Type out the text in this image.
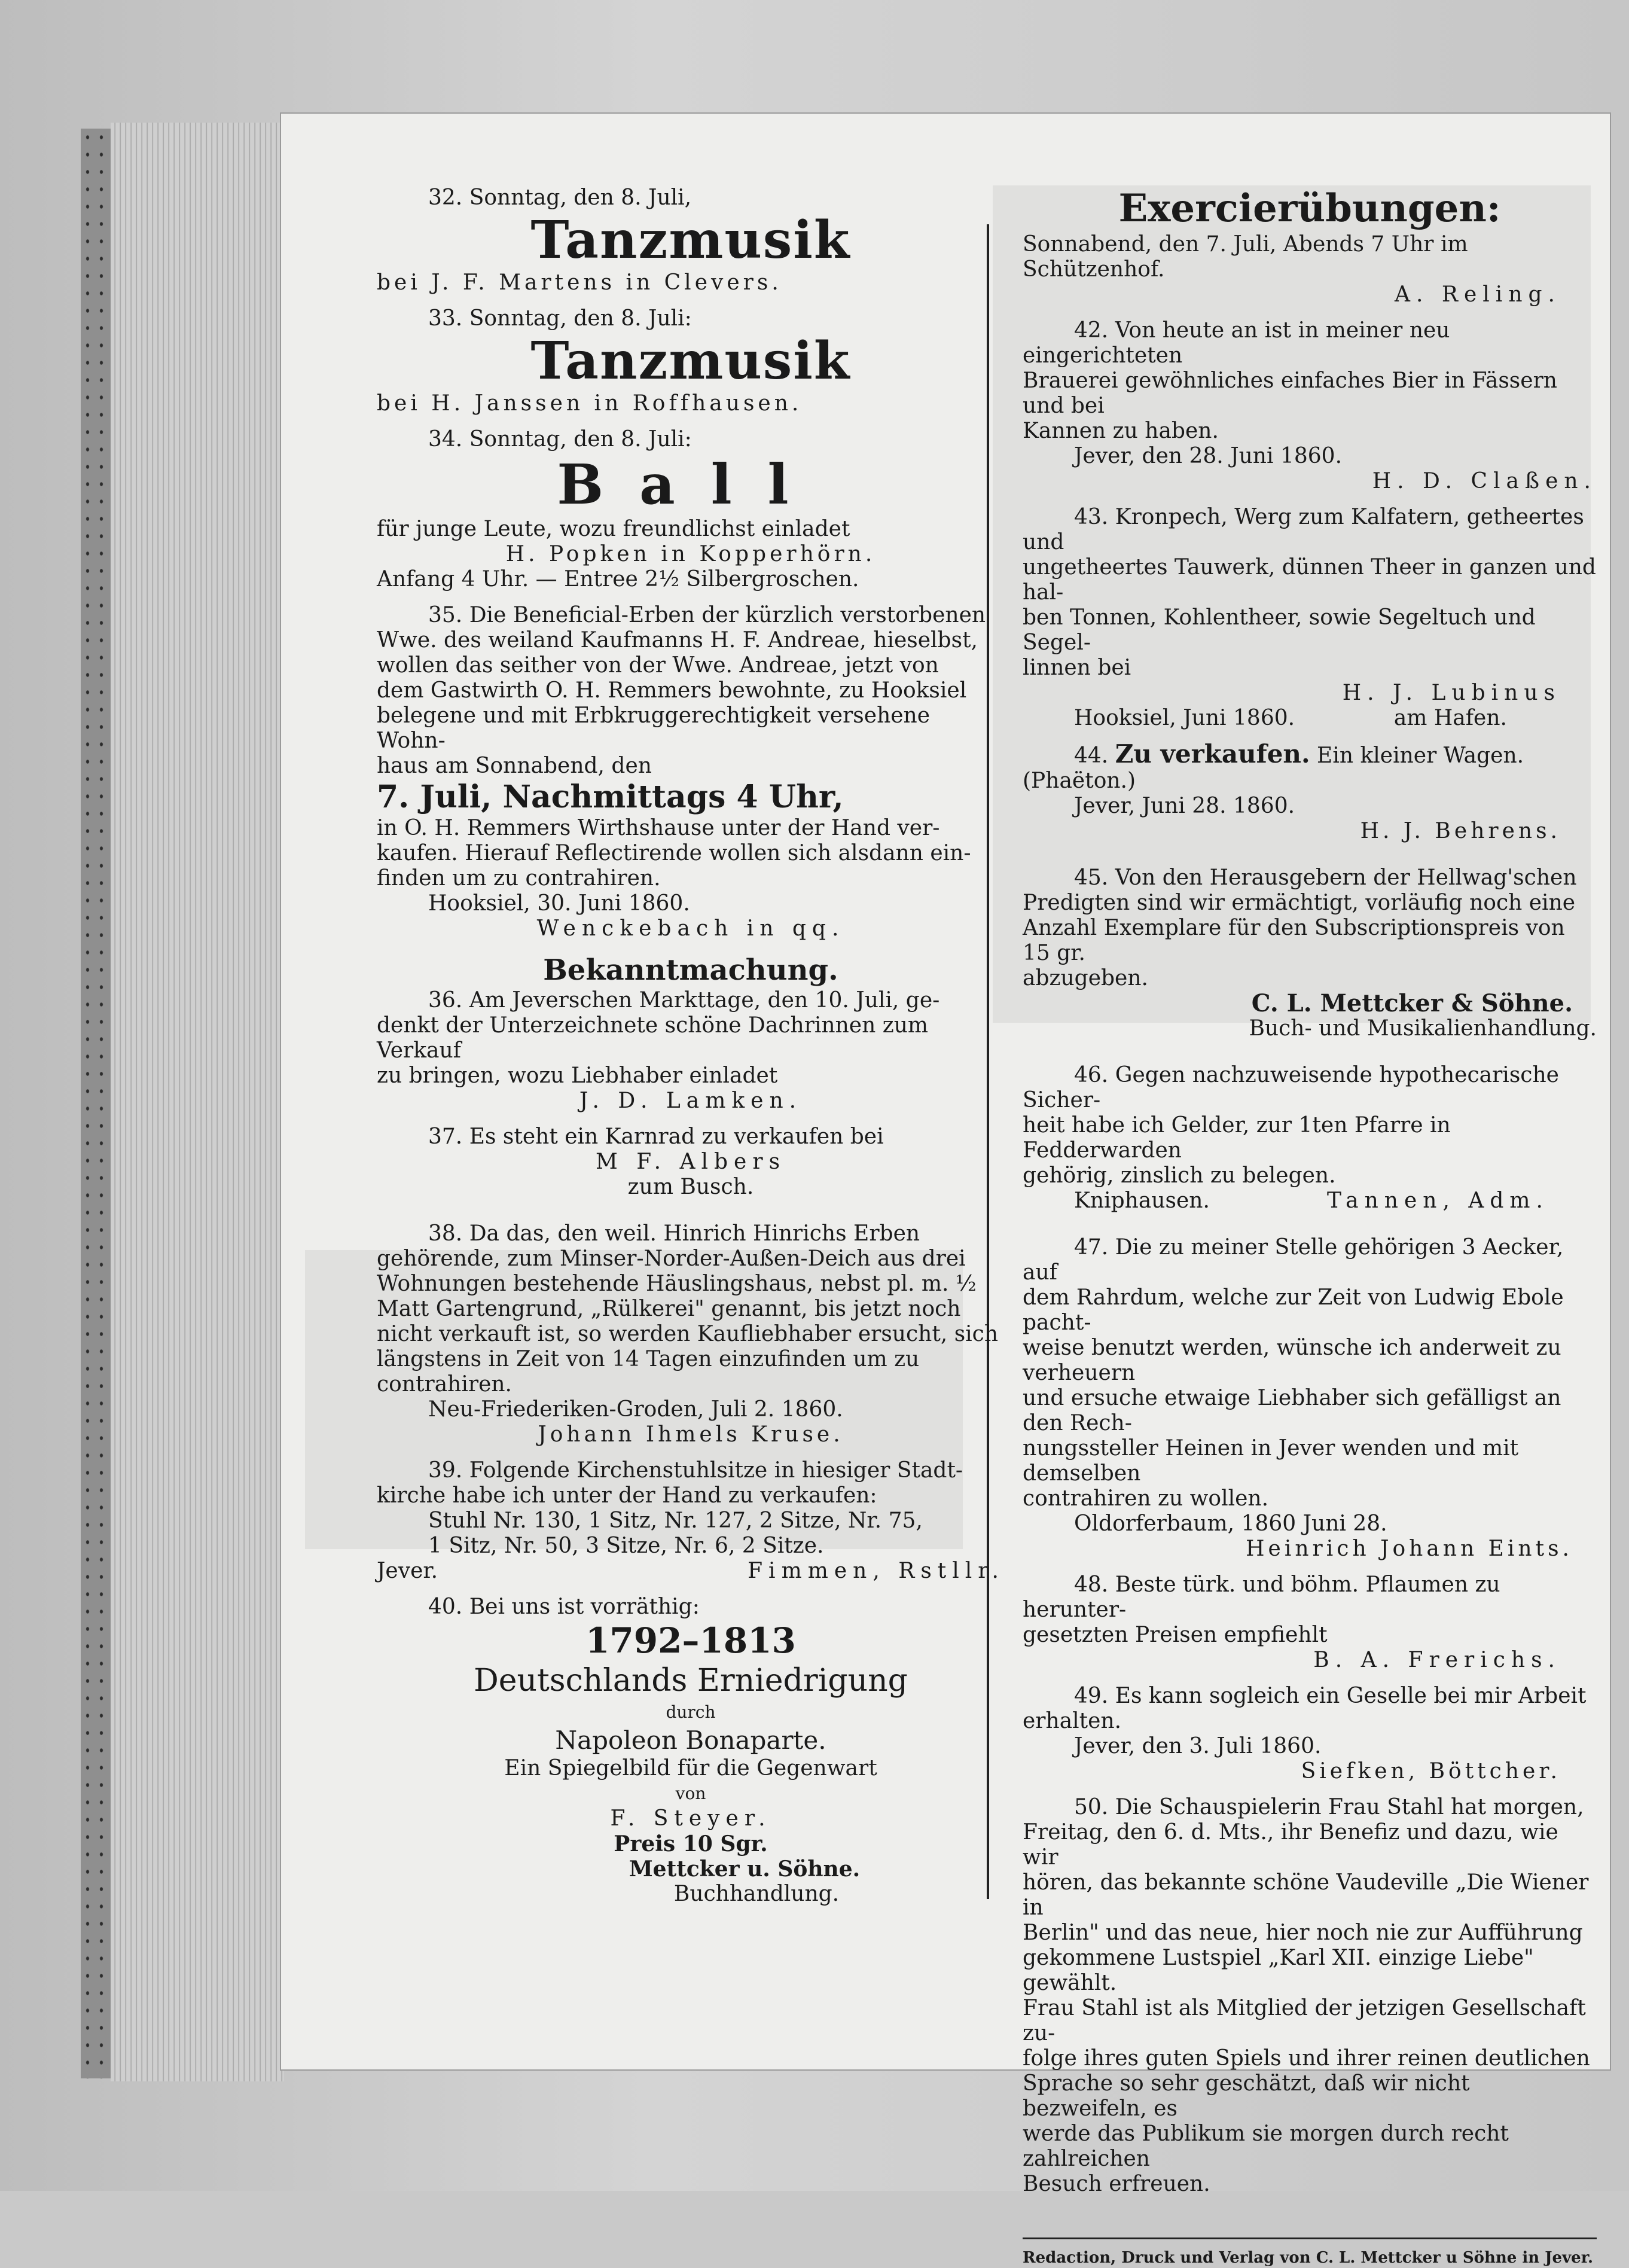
32. Sonntag, den 8. Juli,

Tanzmusik

bei J. F. Martens in Clevers.

33. Sonntag, den 8. Juli:

Tanzmusik

bei H. Janssen in Roffhausen.

34. Sonntag, den 8. Juli:

Ball

für junge Leute, wozu freundlichst einladet

H. Popken in Kopperhörn.

Anfang 4 Uhr. — Entree 2½ Silbergroschen.

35. Die Beneficial-Erben der kürzlich verstorbenen

Wwe. des weiland Kaufmanns H. F. Andreae, hieselbst,

wollen das seither von der Wwe. Andreae, jetzt von

dem Gastwirth O. H. Remmers bewohnte, zu Hooksiel

belegene und mit Erbkruggerechtigkeit versehene Wohn-

haus am Sonnabend, den

7. Juli, Nachmittags 4 Uhr,

in O. H. Remmers Wirthshause unter der Hand ver-

kaufen. Hierauf Reflectirende wollen sich alsdann ein-

finden um zu contrahiren.

Hooksiel, 30. Juni 1860.

Wenckebach in qq.

Bekanntmachung.

36. Am Jeverschen Markttage, den 10. Juli, ge-

denkt der Unterzeichnete schöne Dachrinnen zum Verkauf

zu bringen, wozu Liebhaber einladet

J. D. Lamken.

37. Es steht ein Karnrad zu verkaufen bei

M F. Albers

zum Busch.

38. Da das, den weil. Hinrich Hinrichs Erben

gehörende, zum Minser-Norder-Außen-Deich aus drei

Wohnungen bestehende Häuslingshaus, nebst pl. m. ½

Matt Gartengrund, „Rülkerei" genannt, bis jetzt noch

nicht verkauft ist, so werden Kaufliebhaber ersucht, sich

längstens in Zeit von 14 Tagen einzufinden um zu

contrahiren.

Neu-Friederiken-Groden, Juli 2. 1860.

Johann Ihmels Kruse.

39. Folgende Kirchenstuhlsitze in hiesiger Stadt-

kirche habe ich unter der Hand zu verkaufen:

Stuhl Nr. 130, 1 Sitz, Nr. 127, 2 Sitze, Nr. 75,

1 Sitz, Nr. 50, 3 Sitze, Nr. 6, 2 Sitze.

Jever.	Fimmen, Rstllr.

40. Bei uns ist vorräthig:

1792–1813

Deutschlands Erniedrigung

durch

Napoleon Bonaparte.

Ein Spiegelbild für die Gegenwart

von

F. Steyer.

Preis 10 Sgr.

Mettcker u. Söhne.

Buchhandlung.

Exercierübungen:

Sonnabend, den 7. Juli, Abends 7 Uhr im Schützenhof.

A. Reling.

42. Von heute an ist in meiner neu eingerichteten

Brauerei gewöhnliches einfaches Bier in Fässern und bei

Kannen zu haben.

Jever, den 28. Juni 1860.

H. D. Claßen.

43. Kronpech, Werg zum Kalfatern, getheertes und

ungetheertes Tauwerk, dünnen Theer in ganzen und hal-

ben Tonnen, Kohlentheer, sowie Segeltuch und Segel-

linnen bei

H. J. Lubinus

Hooksiel, Juni 1860.	am Hafen.

44. Zu verkaufen. Ein kleiner Wagen.

(Phaëton.)

Jever, Juni 28. 1860.

H. J. Behrens.

45. Von den Herausgebern der Hellwag'schen

Predigten sind wir ermächtigt, vorläufig noch eine

Anzahl Exemplare für den Subscriptionspreis von 15 gr.

abzugeben.

C. L. Mettcker & Söhne.

Buch- und Musikalienhandlung.

46. Gegen nachzuweisende hypothecarische Sicher-

heit habe ich Gelder, zur 1ten Pfarre in Fedderwarden

gehörig, zinslich zu belegen.

Kniphausen.	Tannen, Adm.

47. Die zu meiner Stelle gehörigen 3 Aecker, auf

dem Rahrdum, welche zur Zeit von Ludwig Ebole pacht-

weise benutzt werden, wünsche ich anderweit zu verheuern

und ersuche etwaige Liebhaber sich gefälligst an den Rech-

nungssteller Heinen in Jever wenden und mit demselben

contrahiren zu wollen.

Oldorferbaum, 1860 Juni 28.

Heinrich Johann Eints.

48. Beste türk. und böhm. Pflaumen zu herunter-

gesetzten Preisen empfiehlt

B. A. Frerichs.

49. Es kann sogleich ein Geselle bei mir Arbeit

erhalten.

Jever, den 3. Juli 1860.

Siefken, Böttcher.

50. Die Schauspielerin Frau Stahl hat morgen,

Freitag, den 6. d. Mts., ihr Benefiz und dazu, wie wir

hören, das bekannte schöne Vaudeville „Die Wiener in

Berlin" und das neue, hier noch nie zur Aufführung

gekommene Lustspiel „Karl XII. einzige Liebe" gewählt.

Frau Stahl ist als Mitglied der jetzigen Gesellschaft zu-

folge ihres guten Spiels und ihrer reinen deutlichen

Sprache so sehr geschätzt, daß wir nicht bezweifeln, es

werde das Publikum sie morgen durch recht zahlreichen

Besuch erfreuen.

Redaction, Druck und Verlag von C. L. Mettcker u Söhne in Jever.
